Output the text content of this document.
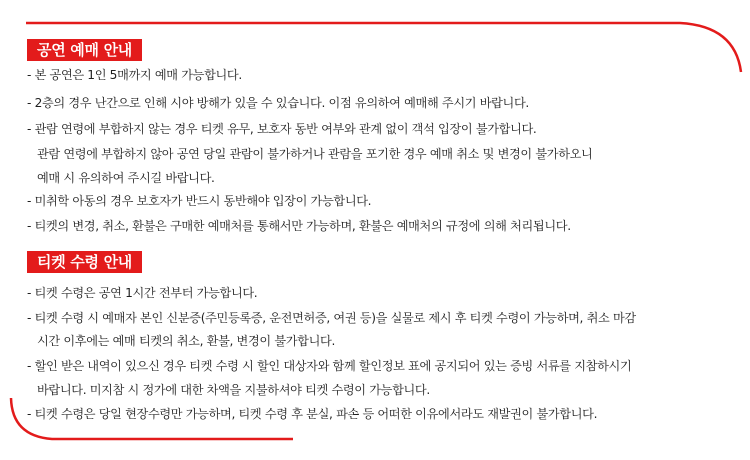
공연 예매 안내
- 본 공연은 1인 5매까지 예매 가능합니다.
- 2층의 경우 난간으로 인해 시야 방해가 있을 수 있습니다. 이점 유의하여 예매해 주시기 바랍니다.
- 관람 연령에 부합하지 않는 경우 티켓 유무, 보호자 동반 여부와 관계 없이 객석 입장이 불가합니다.
관람 연령에 부합하지 않아 공연 당일 관람이 불가하거나 관람을 포기한 경우 예매 취소 및 변경이 불가하오니
예매 시 유의하여 주시길 바랍니다.
- 미취학 아동의 경우 보호자가 반드시 동반해야 입장이 가능합니다.
- 티켓의 변경, 취소, 환불은 구매한 예매처를 통해서만 가능하며, 환불은 예매처의 규정에 의해 처리됩니다.
티켓 수령 안내
- 티켓 수령은 공연 1시간 전부터 가능합니다.
- 티켓 수령 시 예매자 본인 신분증(주민등록증, 운전면허증, 여권 등)을 실물로 제시 후 티켓 수령이 가능하며, 취소 마감
시간 이후에는 예매 티켓의 취소, 환불, 변경이 불가합니다.
- 할인 받은 내역이 있으신 경우 티켓 수령 시 할인 대상자와 함께 할인정보 표에 공지되어 있는 증빙 서류를 지참하시기
바랍니다. 미지참 시 정가에 대한 차액을 지불하셔야 티켓 수령이 가능합니다.
- 티켓 수령은 당일 현장수령만 가능하며, 티켓 수령 후 분실, 파손 등 어떠한 이유에서라도 재발권이 불가합니다.
